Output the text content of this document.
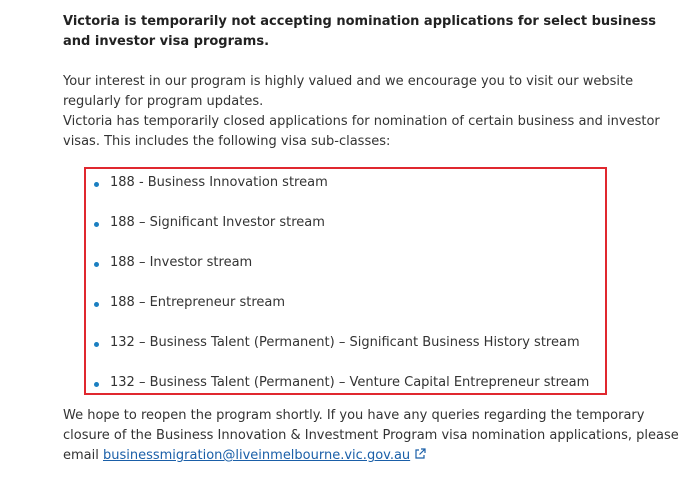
Victoria is temporarily not accepting nomination applications for select business and investor visa programs.

Your interest in our program is highly valued and we encourage you to visit our website regularly for program updates.

Victoria has temporarily closed applications for nomination of certain business and investor visas. This includes the following visa sub-classes:

188 - Business Innovation stream
188 – Significant Investor stream
188 – Investor stream
188 – Entrepreneur stream
132 – Business Talent (Permanent) – Significant Business History stream
132 – Business Talent (Permanent) – Venture Capital Entrepreneur stream

We hope to reopen the program shortly. If you have any queries regarding the temporary closure of the Business Innovation & Investment Program visa nomination applications, please email businessmigration@liveinmelbourne.vic.gov.au
